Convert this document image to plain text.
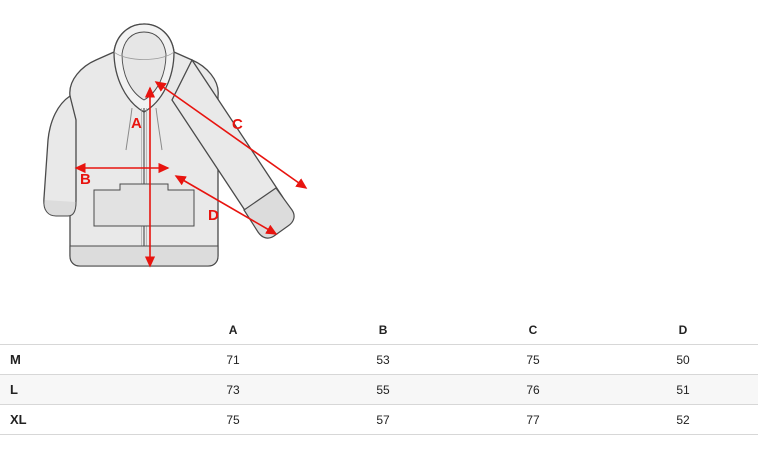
A
B
C
D
	A	B	C	D
M	71	53	75	50
L	73	55	76	51
XL	75	57	77	52
